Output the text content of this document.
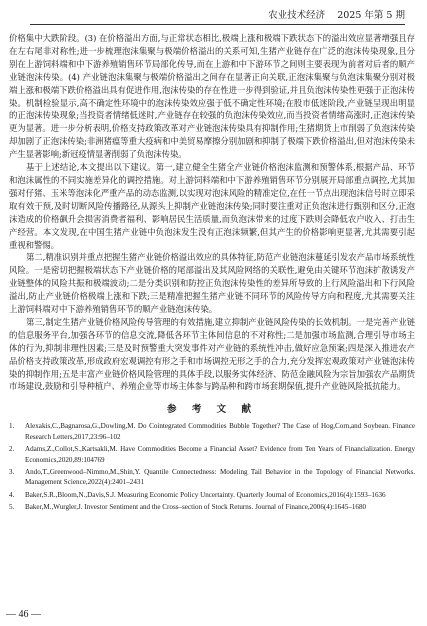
农业技术经济 2025 年第 5 期

价格集中大跌阶段。(3) 在价格溢出方面,与正常状态相比,极端上涨和极端下跌状态下的溢出效应显著增强且存在左右尾非对称性;进一步梳理泡沫集聚与极端价格溢出的关系可知,生猪产业链存在广泛的泡沫传染现象,且分别在上游饲料端和中下游养殖销售环节局部化传导,而在上游和中下游环节之间则主要表现为前者对后者的顺产业链泡沫传染。(4) 产业链泡沫集聚与极端价格溢出之间存在显著正向关联,正泡沫集聚与负泡沫集聚分别对极端上涨和极端下跌价格溢出具有促进作用,泡沫传染的存在性进一步得到验证,并且负泡沫传染性更强于正泡沫传染。机制检验显示,高不确定性环境中的泡沫传染效应强于低不确定性环境;在股市低迷阶段,产业链呈现出明显的正泡沫传染现象;当投资者情绪低迷时,产业链存在较强的负泡沫传染效应,而当投资者情绪高涨时,正泡沫传染更为显著。进一步分析表明,价格支持政策改革对产业链泡沫传染具有抑制作用;生猪期货上市削弱了负泡沫传染却加剧了正泡沫传染;非洲猪瘟等重大疫病和中美贸易摩擦分别加剧和抑制了极端下跌价格溢出,但对泡沫传染未产生显著影响;新冠疫情显著削弱了负泡沫传染。

基于上述结论,本文提出以下建议。第一,建立健全生猪全产业链价格泡沫监测和预警体系,根据产品、环节和泡沫属性的不同实施差异化的调控措施。对上游饲料端和中下游养殖销售环节分别展开局部重点调控,尤其加强对仔猪、玉米等泡沫化严重产品的动态监测,以实现对泡沫风险的精准定位,在任一节点出现泡沫信号时立即采取有效干预,及时切断风险传播路径,从源头上抑制产业链泡沫传染;同时要注重对正负泡沫进行甄别和区分,正泡沫造成的价格飙升会损害消费者福利、影响居民生活质量,而负泡沫带来的过度下跌则会降低农户收入、打击生产经营。本文发现,在中国生猪产业链中负泡沫发生没有正泡沫频繁,但其产生的价格影响更显著,尤其需要引起重视和警惕。

第二,精准识别并重点把握生猪产业链价格溢出效应的具体特征,防范产业链泡沫蔓延引发农产品市场系统性风险。一是密切把握极端状态下产业链价格的尾部溢出及其风险网络的关联性,避免由关键环节泡沫扩散诱发产业链整体的风险共振和极端波动;二是分类识别和防控正负泡沫传染性的差异所导致的上行风险溢出和下行风险溢出,防止产业链价格极端上涨和下跌;三是精准把握生猪产业链不同环节的风险传导方向和程度,尤其需要关注上游饲料端对中下游养殖销售环节的顺产业链泡沫传染。

第三,制定生猪产业链价格风险传导管理的有效措施,建立抑制产业链风险传染的长效机制。一是完善产业链的信息服务平台,加强各环节的信息交流,降低各环节主体间信息的不对称性;二是加强市场监测,合理引导市场主体的行为,抑制非理性因素;三是及时预警重大突发事件对产业链的系统性冲击,做好应急预案;四是深入推进农产品价格支持政策改革,形成政府宏观调控有形之手和市场调控无形之手的合力,充分发挥宏观政策对产业链泡沫传染的抑制作用;五是丰富产业链价格风险管理的具体手段,以服务实体经济、防范金融风险为宗旨加强农产品期货市场建设,鼓励和引导种植户、养殖企业等市场主体参与跨品种和跨市场套期保值,提升产业链风险抵抗能力。

参 考 文 献
1. Alexakis,C.,Bagnarosa,G.,Dowling,M. Do Cointegrated Commodities Bubble Together? The Case of Hog,Corn,and Soybean. Finance Research Letters,2017,23:96–102
2. Adams,Z.,Collot,S.,Kartsakli,M. Have Commodities Become a Financial Asset? Evidence from Ten Years of Financialization. Energy Economics,2020,89:104769
3. Ando,T.,Greenwood–Nimmo,M.,Shin,Y. Quantile Connectedness: Modeling Tail Behavior in the Topology of Financial Networks. Management Science,2022(4):2401–2431
4. Baker,S.R.,Bloom,N.,Davis,S.J. Measuring Economic Policy Uncertainty. Quarterly Journal of Economics,2016(4):1593–1636
5. Baker,M.,Wurgler,J. Investor Sentiment and the Cross–section of Stock Returns. Journal of Finance,2006(4):1645–1680
— 46 —
